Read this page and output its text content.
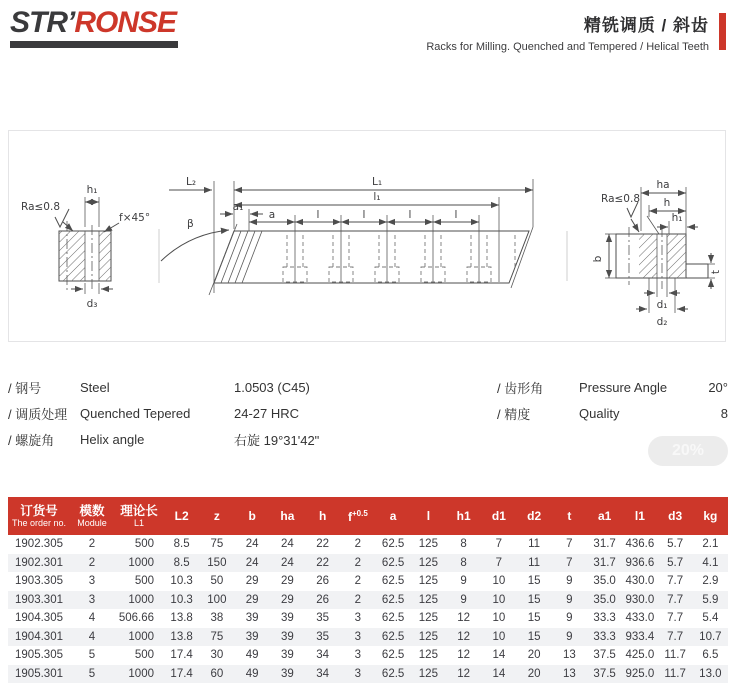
STR’RONSE	精铣调质 / 斜齿
Racks for Milling. Quenched and Tempered / Helical Teeth
h₁
f×45°
Ra≤0.8
d₃
L₂	L₁
l₁
a₁
a	l	l	l	l
β
ha
h
h₁
Ra≤0.8
b
t
d₁
d₂
/ 钢号	Steel	1.0503 (C45)
/ 调质处理 Quenched Tepered	24-27 HRC
/ 螺旋角	Helix angle	右旋 19°31'42"
/ 齿形角	Pressure Angle	20°
/ 精度	Quality	8
20%
订货号
The order no.

模数
Module

理论长
L1
	L2	z	b	ha	h	$f^{+0.5}$	a	l	h1	d1	d2	t	a1	l1	d3	kg
1902.305	2	500	8.5	75	24	24	22	2	62.5	125	8	7	11	7	31.7	436.6	5.7	2.1
1902.301	2	1000	8.5	150	24	24	22	2	62.5	125	8	7	11	7	31.7	936.6	5.7	4.1
1903.305	3	500	10.3	50	29	29	26	2	62.5	125	9	10	15	9	35.0	430.0	7.7	2.9
1903.301	3	1000	10.3	100	29	29	26	2	62.5	125	9	10	15	9	35.0	930.0	7.7	5.9
1904.305	4	506.66	13.8	38	39	39	35	3	62.5	125	12	10	15	9	33.3	433.0	7.7	5.4
1904.301	4	1000	13.8	75	39	39	35	3	62.5	125	12	10	15	9	33.3	933.4	7.7	10.7
1905.305	5	500	17.4	30	49	39	34	3	62.5	125	12	14	20	13	37.5	425.0	11.7	6.5
1905.301	5	1000	17.4	60	49	39	34	3	62.5	125	12	14	20	13	37.5	925.0	11.7	13.0
